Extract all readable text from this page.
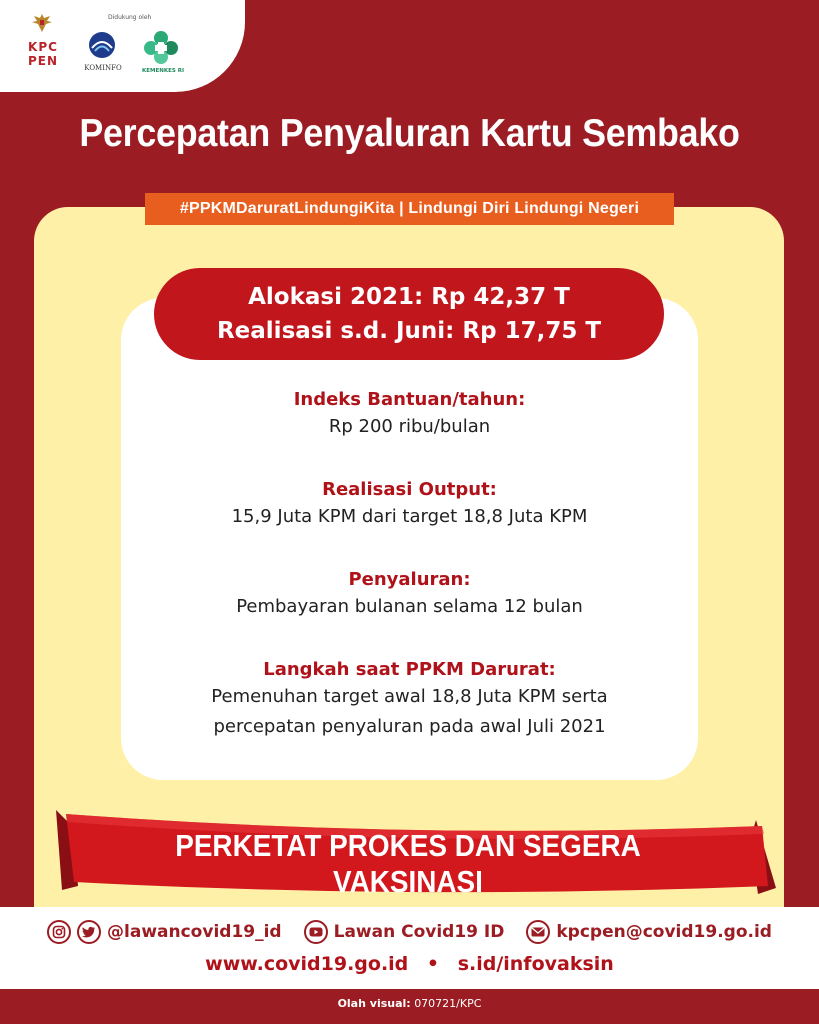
KPC
PEN
Didukung oleh
KOMINFO	KEMENKES RI
Percepatan Penyaluran Kartu Sembako
#PPKMDaruratLindungiKita | Lindungi Diri Lindungi Negeri
Alokasi 2021: Rp 42,37 T
Realisasi s.d. Juni: Rp 17,75 T
Indeks Bantuan/tahun:
Rp 200 ribu/bulan
Realisasi Output:
15,9 Juta KPM dari target 18,8 Juta KPM
Penyaluran:
Pembayaran bulanan selama 12 bulan
Langkah saat PPKM Darurat:
Pemenuhan target awal 18,8 Juta KPM serta
percepatan penyaluran pada awal Juli 2021
PERKETAT PROKES DAN SEGERA VAKSINASI
@lawancovid19_id	Lawan Covid19 ID	kpcpen@covid19.go.id
www.covid19.go.id • s.id/infovaksin
Olah visual: 070721/KPC
